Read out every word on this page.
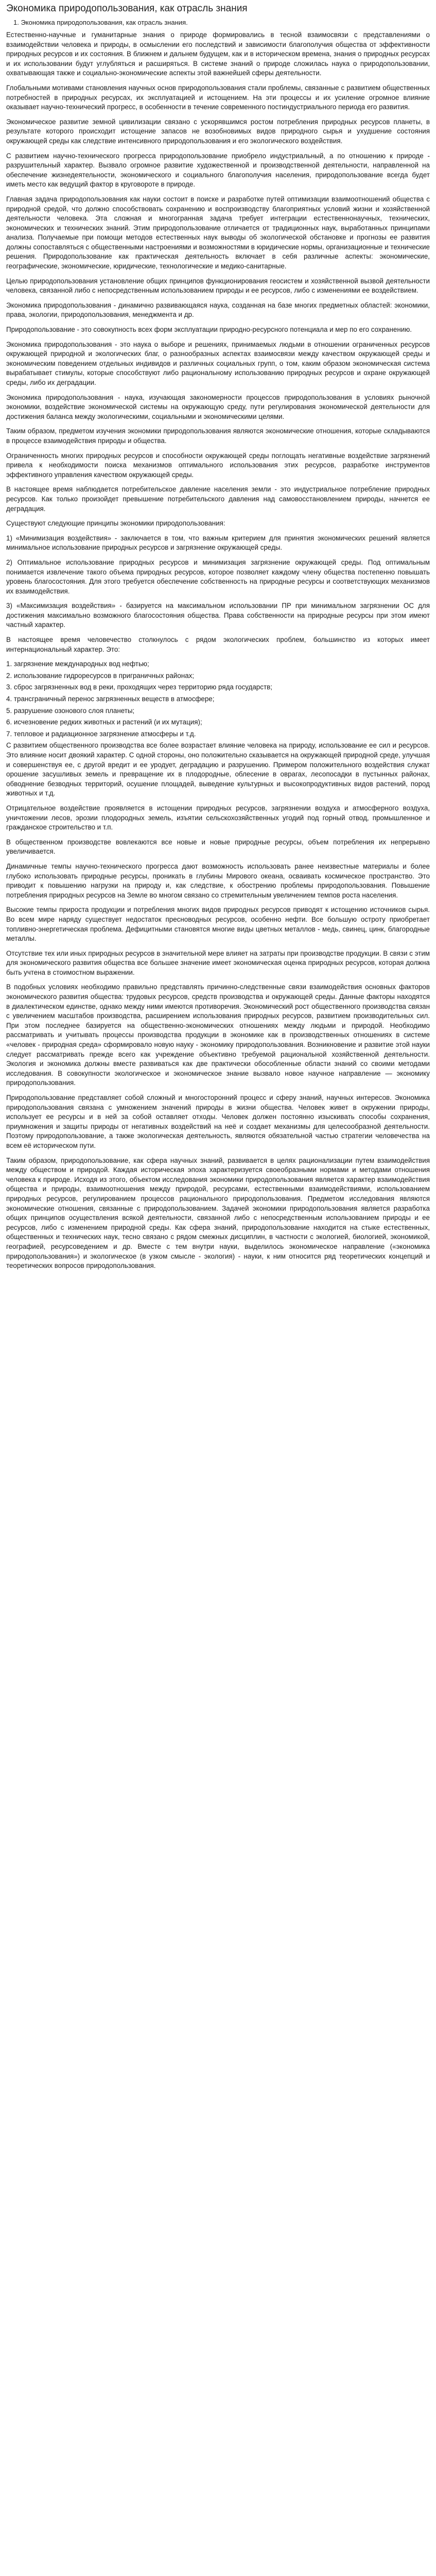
Экономика природопользования, как отрасль знания
1. Экономика природопользования, как отрасль знания.

Естественно-научные и гуманитарные знания о природе формировались в тесной взаимосвязи с представлениями о взаимодействии человека и природы, в осмыслении его последствий и зависимости благополучия общества от эффективности природных ресурсов и их состояния. В ближнем и дальнем будущем, как и в историческом времена, знания о природных ресурсах и их использовании будут углубляться и расширяться. В системе знаний о природе сложилась наука о природопользовании, охватывающая также и социально-экономические аспекты этой важнейшей сферы деятельности.

Глобальными мотивами становления научных основ природопользования стали проблемы, связанные с развитием общественных потребностей в природных ресурсах, их эксплуатацией и истощением. На эти процессы и их усиление огромное влияние оказывает научно-технический прогресс, в особенности в течение современного постиндустриального периода его развития.

Экономическое развитие земной цивилизации связано с ускорявшимся ростом потребления природных ресурсов планеты, в результате которого происходит истощение запасов не возобновимых видов природного сырья и ухудшение состояния окружающей среды как следствие интенсивного природопользования и его экологического воздействия.

С развитием научно-технического прогресса природопользование приобрело индустриальный, а по отношению к природе - разрушительный характер. Вызвало огромное развитие художественной и производственной деятельности, направленной на обеспечение жизнедеятельности, экономического и социального благополучия населения, природопользование всегда будет иметь место как ведущий фактор в круговороте в природе.

Главная задача природопользования как науки состоит в поиске и разработке путей оптимизации взаимоотношений общества с природной средой, что должно способствовать сохранению и воспроизводству благоприятных условий жизни и хозяйственной деятельности человека. Эта сложная и многогранная задача требует интеграции естественнонаучных, технических, экономических и технических знаний. Этим природопользование отличается от традиционных наук, выработанных принципами анализа. Получаемые при помощи методов естественных наук выводы об экологической обстановке и прогнозы ее развития должны сопоставляться с общественными настроениями и возможностями в юридические нормы, организационные и технические решения. Природопользование как практическая деятельность включает в себя различные аспекты: экономические, географические, экономические, юридические, технологические и медико-санитарные.

Целью природопользования установление общих принципов функционирования геосистем и хозяйственной вызвой деятельности человека, связанной либо с непосредственным использованием природы и ее ресурсов, либо с изменениями ее воздействием.

Экономика природопользования - динамично развивающаяся наука, созданная на базе многих предметных областей: экономики, права, экологии, природопользования, менеджмента и др.

Природопользование - это совокупность всех форм эксплуатации природно-ресурсного потенциала и мер по его сохранению.

Экономика природопользования - это наука о выборе и решениях, принимаемых людьми в отношении ограниченных ресурсов окружающей природной и экологических благ, о разнообразных аспектах взаимосвязи между качеством окружающей среды и экономическим поведением отдельных индивидов и различных социальных групп, о том, каким образом экономическая система вырабатывает стимулы, которые способствуют либо рациональному использованию природных ресурсов и охране окружающей среды, либо их деградации.

Экономика природопользования - наука, изучающая закономерности процессов природопользования в условиях рыночной экономики, воздействие экономической системы на окружающую среду, пути регулирования экономической деятельности для достижения баланса между экологическими, социальными и экономическими целями.

Таким образом, предметом изучения экономики природопользования являются экономические отношения, которые складываются в процессе взаимодействия природы и общества.

Ограниченность многих природных ресурсов и способности окружающей среды поглощать негативные воздействие загрязнений привела к необходимости поиска механизмов оптимального использования этих ресурсов, разработке инструментов эффективного управления качеством окружающей среды.

В настоящее время наблюдается потребительское давление населения земли - это индустриальное потребление природных ресурсов. Как только произойдет превышение потребительского давления над самовосстановлением природы, начнется ее деградация.

Существуют следующие принципы экономики природопользования:

1) «Минимизация воздействия» - заключается в том, что важным критерием для принятия экономических решений является минимальное использование природных ресурсов и загрязнение окружающей среды.

2) Оптимальное использование природных ресурсов и минимизация загрязнение окружающей среды. Под оптимальным понимается извлечение такого объема природных ресурсов, которое позволяет каждому члену общества постепенно повышать уровень благосостояния. Для этого требуется обеспечение собственность на природные ресурсы и соответствующих механизмов их взаимодействия.

3) «Максимизация воздействия» - базируется на максимальном использовании ПР при минимальном загрязнении ОС для достижения максимально возможного благосостояния общества. Права собственности на природные ресурсы при этом имеют частный характер.

В настоящее время человечество столкнулось с рядом экологических проблем, большинство из которых имеет интернациональный характер. Это:

1. загрязнение международных вод нефтью;

2. использование гидроресурсов в приграничных районах;

3. сброс загрязненных вод в реки, проходящих через территорию ряда государств;

4. трансграничный перенос загрязненных веществ в атмосфере;

5. разрушение озонового слоя планеты;

6. исчезновение редких животных и растений (и их мутация);

7. тепловое и радиационное загрязнение атмосферы и т.д.

С развитием общественного производства все более возрастает влияние человека на природу, использование ее сил и ресурсов. Это влияние носит двоякий характер. С одной стороны, оно положительно сказывается на окружающей природной среде, улучшая и совершенствуя ее, с другой вредит и ее уродует, деградацию и разрушению. Примером положительного воздействия служат орошение засушливых земель и превращение их в плодородные, облесение в оврагах, лесопосадки в пустынных районах, обводнение безводных территорий, осушение площадей, выведение культурных и высокопродуктивных видов растений, пород животных и т.д.

Отрицательное воздействие проявляется в истощении природных ресурсов, загрязнении воздуха и атмосферного воздуха, уничтожении лесов, эрозии плодородных земель, изъятии сельскохозяйственных угодий под горный отвод, промышленное и гражданское строительство и т.п.

В общественном производстве вовлекаются все новые и новые природные ресурсы, объем потребления их непрерывно увеличивается.

Динамичные темпы научно-технического прогресса дают возможность использовать ранее неизвестные материалы и более глубоко использовать природные ресурсы, проникать в глубины Мирового океана, осваивать космическое пространство. Это приводит к повышению нагрузки на природу и, как следствие, к обострению проблемы природопользования. Повышение потребления природных ресурсов на Земле во многом связано со стремительным увеличением темпов роста населения.

Высокие темпы прироста продукции и потребления многих видов природных ресурсов приводят к истощению источников сырья. Во всем мире наряду существует недостаток пресноводных ресурсов, особенно нефти. Все большую остроту приобретает топливно-энергетическая проблема. Дефицитными становятся многие виды цветных металлов - медь, свинец, цинк, благородные металлы.

Отсутствие тех или иных природных ресурсов в значительной мере влияет на затраты при производстве продукции. В связи с этим для экономического развития общества все большее значение имеет экономическая оценка природных ресурсов, которая должна быть учтена в стоимостном выражении.

В подобных условиях необходимо правильно представлять причинно-следственные связи взаимодействия основных факторов экономического развития общества: трудовых ресурсов, средств производства и окружающей среды. Данные факторы находятся в диалектическом единстве, однако между ними имеются противоречия. Экономический рост общественного производства связан с увеличением масштабов производства, расширением использования природных ресурсов, развитием производительных сил. При этом последнее базируется на общественно-экономических отношениях между людьми и природой. Необходимо рассматривать и учитывать процессы производства продукции в экономике как в производственных отношениях в системе «человек - природная среда» сформировало новую науку - экономику природопользования. Возникновение и развитие этой науки следует рассматривать прежде всего как учреждение объективно требуемой рациональной хозяйственной деятельности. Экология и экономика должны вместе развиваться как две практически обособленные области знаний со своими методами исследования. В совокупности экологическое и экономическое знание вызвало новое научное направление — экономику природопользования.

Природопользование представляет собой сложный и многосторонний процесс и сферу знаний, научных интересов. Экономика природопользования связана с умножением значений природы в жизни общества. Человек живет в окружении природы, использует ее ресурсы и в ней за собой оставляет отходы. Человек должен постоянно изыскивать способы сохранения, приумножения и защиты природы от негативных воздействий на неё и создает механизмы для целесообразной деятельности. Поэтому природопользование, а также экологическая деятельность, являются обязательной частью стратегии человечества на всем её историческом пути.

Таким образом, природопользование, как сфера научных знаний, развивается в целях рационализации путем взаимодействия между обществом и природой. Каждая историческая эпоха характеризуется своеобразными нормами и методами отношения человека к природе. Исходя из этого, объектом исследования экономики природопользования является характер взаимодействия общества и природы, взаимоотношения между природой, ресурсами, естественными взаимодействиями, использованием природных ресурсов, регулированием процессов рационального природопользования. Предметом исследования являются экономические отношения, связанные с природопользованием. Задачей экономики природопользования является разработка общих принципов осуществления всякой деятельности, связанной либо с непосредственным использованием природы и ее ресурсов, либо с изменением природной среды. Как сфера знаний, природопользование находится на стыке естественных, общественных и технических наук, тесно связано с рядом смежных дисциплин, в частности с экологией, биологией, экономикой, географией, ресурсоведением и др. Вместе с тем внутри науки, выделилось экономическое направление («экономика природопользования») и экологическое (в узком смысле - экология) - науки, к ним относится ряд теоретических концепций и теоретических вопросов природопользования.
